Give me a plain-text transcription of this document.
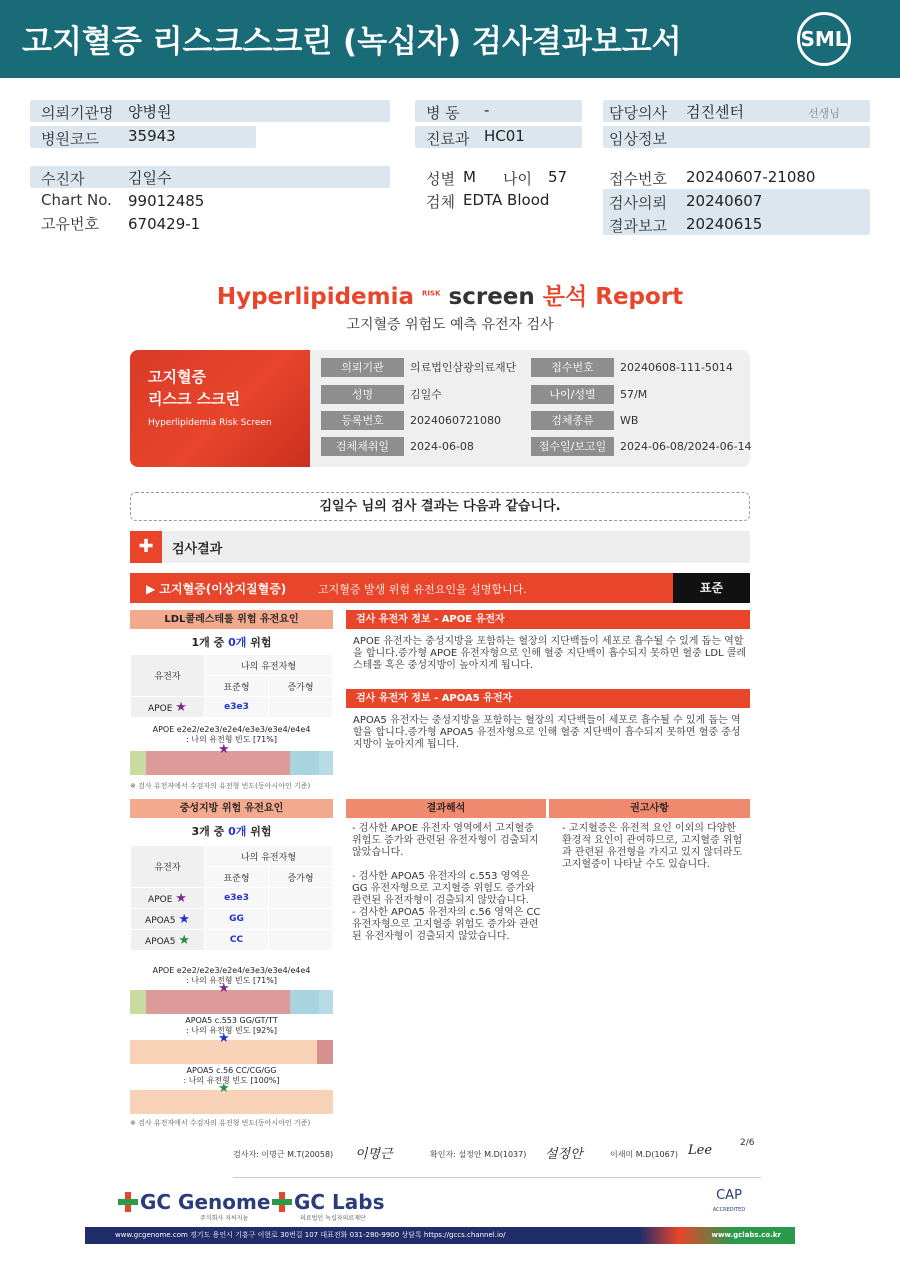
고지혈증 리스크스크린 (녹십자) 검사결과보고서	SML
의뢰기관명 양병원
병원코드 35943
병 동 -
진료과 HC01
담당의사 검진센터	선생님
임상정보
수진자	김일수
Chart No. 99012485
고유번호 670429-1
성별 M 나이 57
검체 EDTA Blood
접수번호 20240607-21080
검사의뢰 20240607
결과보고 20240615
Hyperlipidemia $^{RISK}$ screen 분석 Report
고지혈증 위험도 예측 유전자 검사
고지혈증
리스크 스크린
Hyperlipidemia Risk Screen
의뢰기관	의료법인삼광의료재단	접수번호	20240608-111-5014
성명	김일수	나이/성별	57/M
등록번호	2024060721080	검체종류	WB
검체채취일	2024-06-08	접수일/보고일	2024-06-08/2024-06-14
김일수 님의 검사 결과는 다음과 같습니다.
✚	검사결과
▶ 고지혈증(이상지질혈증)	고지혈증 발생 위험 유전요인을 설명합니다.	표준
LDL콜레스테롤 위험 유전요인
1개 중 0개 위험
유전자	나의 유전자형	
	표준형	증가형
APOE ★	e3e3	
APOE e2e2/e2e3/e2e4/e3e3/e3e4/e4e4
: 나의 유전형 빈도 [71%]
★
※ 검사 유전자에서 수검자의 유전형 빈도(동아시아인 기준)
중성지방 위험 유전요인
3개 중 0개 위험
유전자	나의 유전자형	
	표준형	증가형
APOE ★	e3e3	
APOA5 ★	GG	
APOA5 ★	CC	
APOE e2e2/e2e3/e2e4/e3e3/e3e4/e4e4
: 나의 유전형 빈도 [71%]
★
APOA5 c.553 GG/GT/TT
: 나의 유전형 빈도 [92%]
★
APOA5 c.56 CC/CG/GG
: 나의 유전형 빈도 [100%]
★
※ 검사 유전자에서 수검자의 유전형 빈도(동아시아인 기준)
검사 유전자 정보 - APOE 유전자
APOE 유전자는 중성지방을 포함하는 혈장의 지단백들이 세포로 흡수될 수 있게 돕는 역할을 합니다.증가형 APOE 유전자형으로 인해 혈중 지단백이 흡수되지 못하면 혈중 LDL 콜레스테롤 혹은 중성지방이 높아지게 됩니다.
검사 유전자 정보 - APOA5 유전자
APOA5 유전자는 중성지방을 포함하는 혈장의 지단백들이 세포로 흡수될 수 있게 돕는 역할을 합니다.증가형 APOA5 유전자형으로 인해 혈중 지단백이 흡수되지 못하면 혈중 중성지방이 높아지게 됩니다.
결과해석
- 검사한 APOE 유전자 영역에서 고지혈증 위험도 증가와 관련된 유전자형이 검출되지 않았습니다.
- 검사한 APOA5 유전자의 c.553 영역은 GG 유전자형으로 고지혈증 위험도 증가와 관련된 유전자형이 검출되지 않았습니다.
- 검사한 APOA5 유전자의 c.56 영역은 CC 유전자형으로 고지혈증 위험도 증가와 관련된 유전자형이 검출되지 않았습니다.
권고사항
- 고지혈증은 유전적 요인 이외의 다양한 환경적 요인이 관여하므로, 고지혈증 위험과 관련된 유전형을 가지고 있지 않더라도 고지혈증이 나타날 수도 있습니다.
검사자: 이명근 M.T(20058) 이명근	확인자: 설정안 M.D(1037) 설정안	이새미 M.D(1067) Lee	2/6
GC Genome
주식회사 지씨지놈
GC Labs
의료법인 녹십자의료재단
CAP
ACCREDITED
www.gcgenome.com 경기도 용인시 기흥구 이현로 30번길 107 대표전화 031-280-9900 상담톡 https://gccs.channel.io/	www.gclabs.co.kr
